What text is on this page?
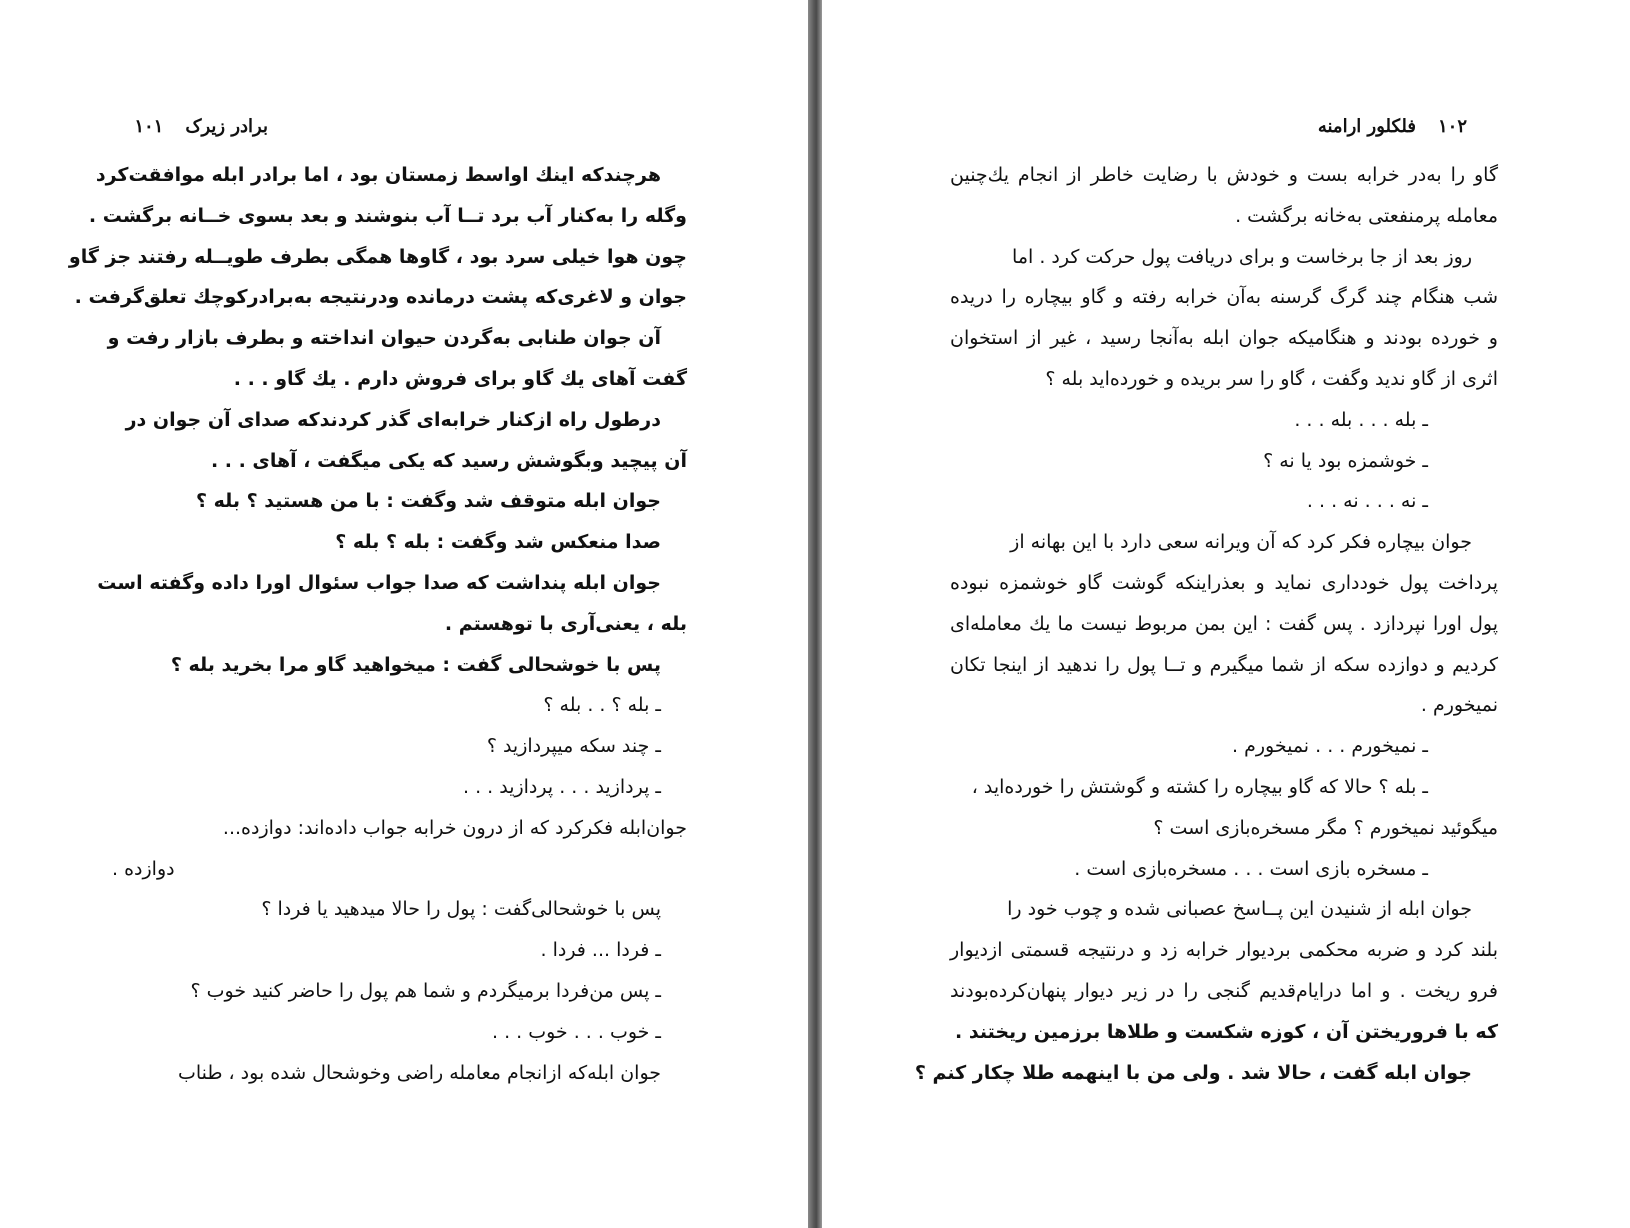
برادر زیرک
۱۰۱
هرچندکه اینك اواسط زمستان بود ، اما برادر ابله موافقت‌کرد
وگله را به‌کنار آب برد تــا آب بنوشند و بعد بسوی خــانه برگشت .
چون هوا خیلی سرد بود ، گاوها همگی بطرف طویــله رفتند جز گاو
جوان و لاغری‌که پشت درمانده ودرنتیجه به‌برادرکوچك تعلق‌گرفت .
آن جوان طنابی به‌گردن حیوان انداخته و بطرف بازار رفت و
گفت آهای یك گاو برای فروش دارم . یك گاو . . .
درطول راه ازکنار خرابه‌ای گذر کردندکه صدای آن جوان در
آن پیچید وبگوشش رسید که یکی میگفت ، آهای . . .
جوان ابله متوقف شد وگفت : با من هستید ؟ بله ؟
صدا منعکس شد وگفت : بله ؟ بله ؟
جوان ابله پنداشت که صدا جواب سئوال اورا داده وگفته است
بله ، یعنی‌آری با توهستم .
پس با خوشحالی گفت : میخواهید گاو مرا بخرید بله ؟
ـ بله ؟ . . بله ؟
ـ چند سکه میپردازید ؟
ـ پردازید . . . پردازید . . .
جوان‌ابله فکرکرد که از درون خرابه جواب داده‌اند: دوازده...
دوازده .
پس با خوشحالی‌گفت : پول را حالا میدهید یا فردا ؟
ـ فردا ... فردا .
ـ پس من‌فردا برمیگردم و شما هم پول را حاضر کنید خوب ؟
ـ خوب . . . خوب . . .
جوان ابله‌که ازانجام معامله راضی وخوشحال شده بود ، طناب
۱۰۲
فلکلور ارامنه
گاو را به‌در خرابه بست و خودش با رضایت خاطر از انجام یك‌چنین
معامله پرمنفعتی به‌خانه برگشت .
روز بعد از جا برخاست و برای دریافت پول حرکت کرد . اما
شب هنگام چند گرگ گرسنه به‌آن خرابه رفته و گاو بیچاره را دریده
و خورده بودند و هنگامیکه جوان ابله به‌آنجا رسید ، غیر از استخوان
اثری از گاو ندید وگفت ، گاو را سر بریده و خورده‌اید بله ؟
ـ بله . . . بله . . .
ـ خوشمزه بود یا نه ؟
ـ نه . . . نه . . .
جوان بیچاره فکر کرد که آن ویرانه سعی دارد با این بهانه از
پرداخت پول خودداری نماید و بعذراینکه گوشت گاو خوشمزه نبوده
پول اورا نپردازد . پس گفت : این بمن مربوط نیست ما یك معامله‌ای
کردیم و دوازده سکه از شما میگیرم و تــا پول را ندهید از اینجا تکان
نمیخورم .
ـ نمیخورم . . . نمیخورم .
ـ بله ؟ حالا که گاو بیچاره را کشته و گوشتش را خورده‌اید ،
میگوئید نمیخورم ؟ مگر مسخره‌بازی است ؟
ـ مسخره بازی است . . . مسخره‌بازی است .
جوان ابله از شنیدن این پــاسخ عصبانی شده و چوب خود را
بلند کرد و ضربه محکمی بردیوار خرابه زد و درنتیجه قسمتی ازدیوار
فرو ریخت . و اما درایام‌قدیم گنجی را در زیر دیوار پنهان‌کرده‌بودند
که با فروریختن آن ، کوزه شکست و طلاها برزمین ریختند .
جوان ابله گفت ، حالا شد . ولی من با اینهمه طلا چکار کنم ؟
